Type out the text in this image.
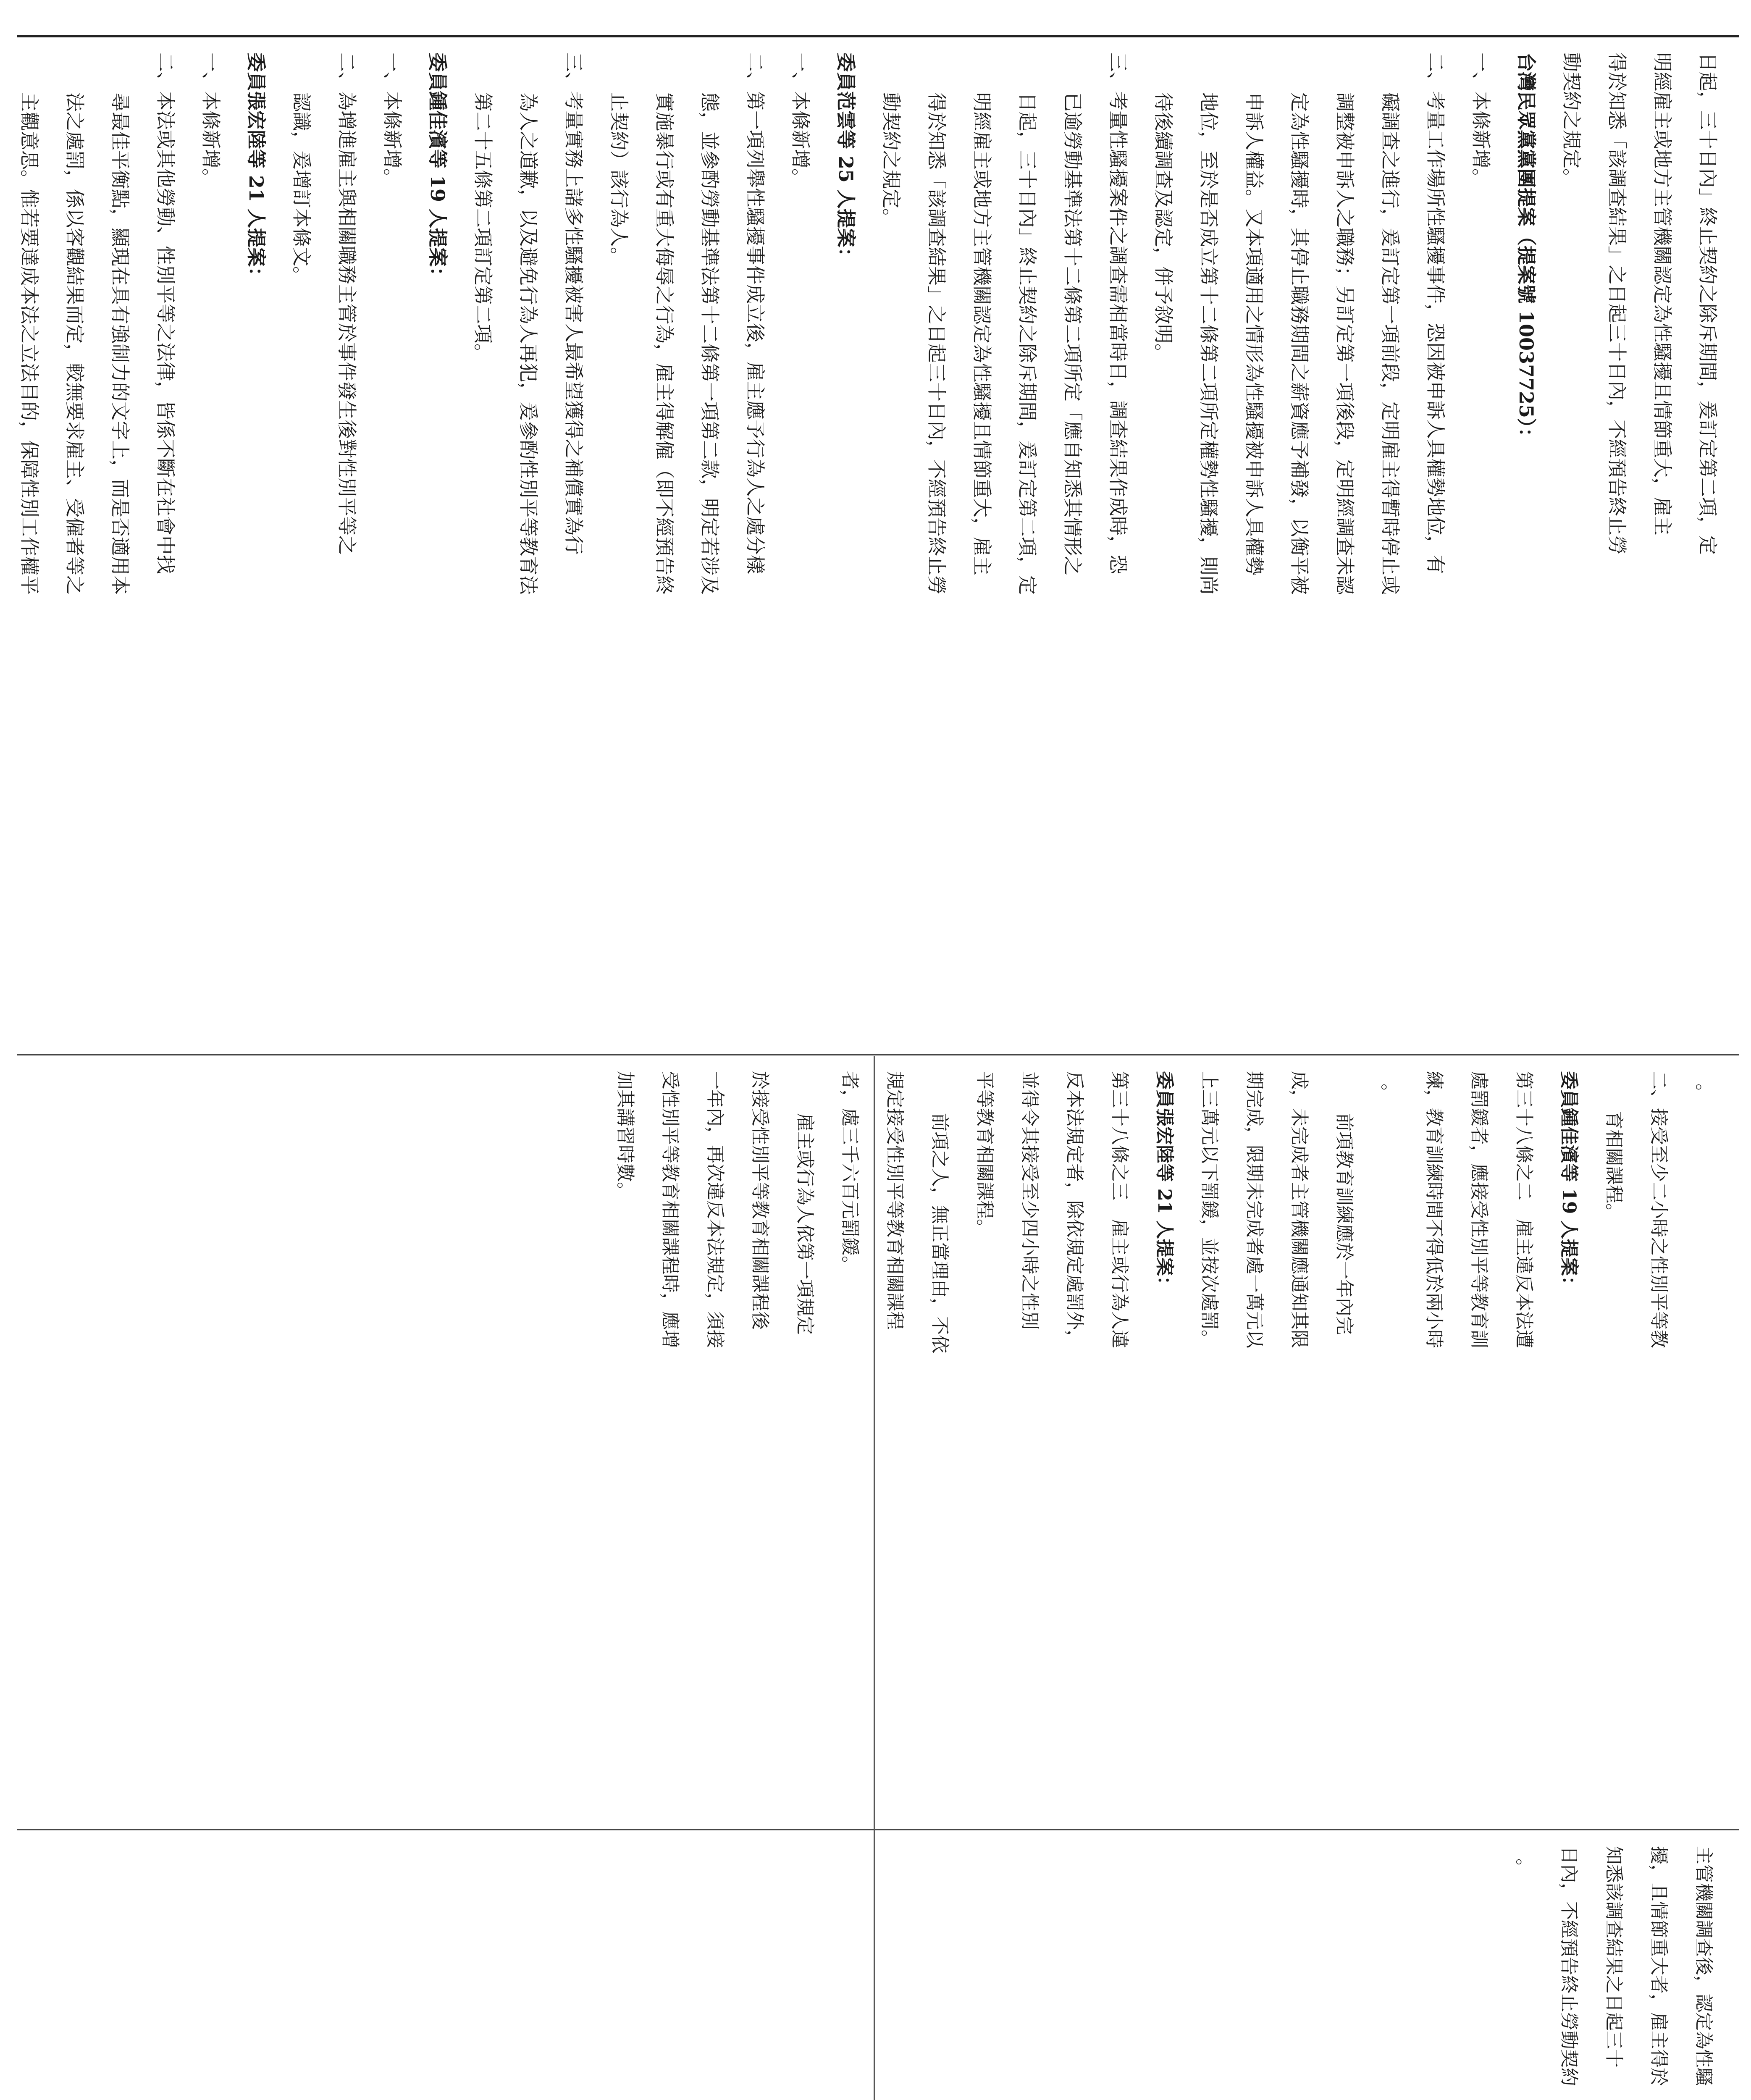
日起，三十日內」終止契約之除斥期間，爰訂定第二項，定

明經雇主或地方主管機關認定為性騷擾且情節重大，雇主

得於知悉「該調查結果」之日起三十日內，不經預告終止勞

動契約之規定。

台灣民眾黨黨團提案（提案號 10037725）：

一、本條新增。

二、考量工作場所性騷擾事件，恐因被申訴人具權勢地位，有

礙調查之進行，爰訂定第一項前段，定明雇主得暫時停止或

調整被申訴人之職務；另訂定第一項後段，定明經調查未認

定為性騷擾時，其停止職務期間之薪資應予補發，以衡平被

申訴人權益。又本項適用之情形為性騷擾被申訴人具權勢

地位，至於是否成立第十二條第二項所定權勢性騷擾，則尚

待後續調查及認定，併予敘明。

三、考量性騷擾案件之調查需相當時日，調查結果作成時，恐

已逾勞動基準法第十二條第二項所定「應自知悉其情形之

日起，三十日內」終止契約之除斥期間，爰訂定第二項，定

明經雇主或地方主管機關認定為性騷擾且情節重大，雇主

得於知悉「該調查結果」之日起三十日內，不經預告終止勞

動契約之規定。

委員范雲等 25 人提案：

一、本條新增。

二、第一項列舉性騷擾事件成立後，雇主應予行為人之處分樣

態，並參酌勞動基準法第十二條第一項第二款，明定若涉及

實施暴行或有重大侮辱之行為，雇主得解僱（即不經預告終

止契約）該行為人。

三、考量實務上諸多性騷擾被害人最希望獲得之補償實為行

為人之道歉，以及避免行為人再犯，爰參酌性別平等教育法

第二十五條第二項訂定第二項。

委員鍾佳濱等 19 人提案：

一、本條新增。

二、為增進雇主與相關職務主管於事件發生後對性別平等之

認識，爰增訂本條文。

委員張宏陸等 21 人提案：

一、本條新增。

二、本法或其他勞動、性別平等之法律，皆係不斷在社會中找

尋最佳平衡點，顯現在具有強制力的文字上，而是否適用本

法之處罰，係以客觀結果而定，較無要求雇主、受僱者等之

主觀意思。惟若要達成本法之立法目的，保障性別工作權平

。

二、接受至少二小時之性別平等教

育相關課程。

委員鍾佳濱等 19 人提案：

第三十八條之二　雇主違反本法遭

處罰鍰者，應接受性別平等教育訓

練，教育訓練時間不得低於兩小時

。

前項教育訓練應於一年內完

成，未完成者主管機關應通知其限

期完成，限期未完成者處一萬元以

上三萬元以下罰鍰，並按次處罰。

委員張宏陸等 21 人提案：

第三十八條之三　雇主或行為人違

反本法規定者，除依規定處罰外，

並得令其接受至少四小時之性別

平等教育相關課程。

前項之人，無正當理由，不依

規定接受性別平等教育相關課程

者，處三千六百元罰鍰。

雇主或行為人依第一項規定

於接受性別平等教育相關課程後

一年內，再次違反本法規定，須接

受性別平等教育相關課程時，應增

加其講習時數。

主管機關調查後，認定為性騷

擾，且情節重大者，雇主得於

知悉該調查結果之日起三十

日內，不經預告終止勞動契約

。
